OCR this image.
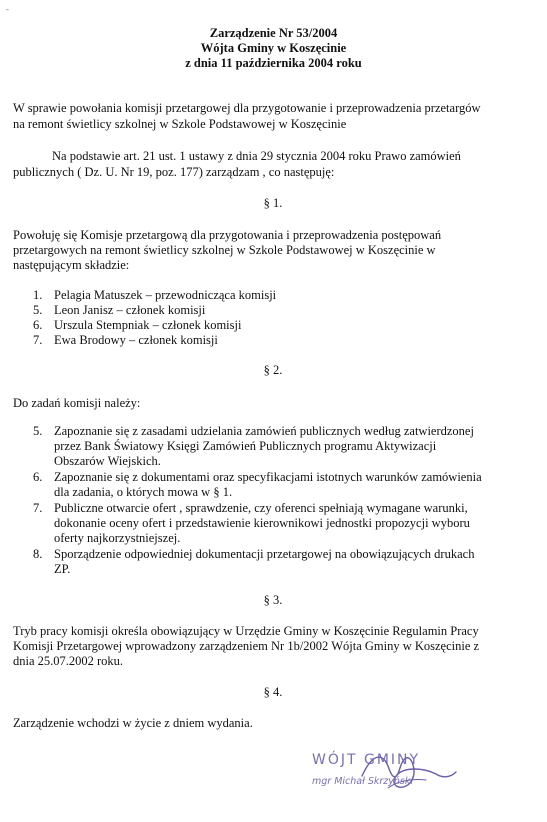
-
Zarządzenie Nr 53/2004
Wójta Gminy w Koszęcinie
z dnia 11 października 2004 roku
W sprawie powołania komisji przetargowej dla przygotowanie i przeprowadzenia przetargów
na remont świetlicy szkolnej w Szkole Podstawowej w Koszęcinie
Na podstawie art. 21 ust. 1 ustawy z dnia 29 stycznia 2004 roku Prawo zamówień
publicznych ( Dz. U. Nr 19, poz. 177) zarządzam , co następuję:
§ 1.
Powołuję się Komisje przetargową dla przygotowania i przeprowadzenia postępowań
przetargowych na remont świetlicy szkolnej w Szkole Podstawowej w Koszęcinie w
następującym składzie:
1. Pelagia Matuszek – przewodnicząca komisji
5. Leon Janisz – członek komisji
6. Urszula Stempniak – członek komisji
7. Ewa Brodowy – członek komisji
§ 2.
Do zadań komisji należy:
5. Zapoznanie się z zasadami udzielania zamówień publicznych według zatwierdzonej
przez Bank Światowy Księgi Zamówień Publicznych programu Aktywizacji
Obszarów Wiejskich.
6. Zapoznanie się z dokumentami oraz specyfikacjami istotnych warunków zamówienia
dla zadania, o których mowa w § 1.
7. Publiczne otwarcie ofert , sprawdzenie, czy oferenci spełniają wymagane warunki,
dokonanie oceny ofert i przedstawienie kierownikowi jednostki propozycji wyboru
oferty najkorzystniejszej.
8. Sporządzenie odpowiedniej dokumentacji przetargowej na obowiązujących drukach
ZP.
§ 3.
Tryb pracy komisji określa obowiązujący w Urzędzie Gminy w Koszęcinie Regulamin Pracy
Komisji Przetargowej wprowadzony zarządzeniem Nr 1b/2002 Wójta Gminy w Koszęcinie z
dnia 25.07.2002 roku.
§ 4.
Zarządzenie wchodzi w życie z dniem wydania.
WÓJT GMINY
mgr Michał Skrzyński
